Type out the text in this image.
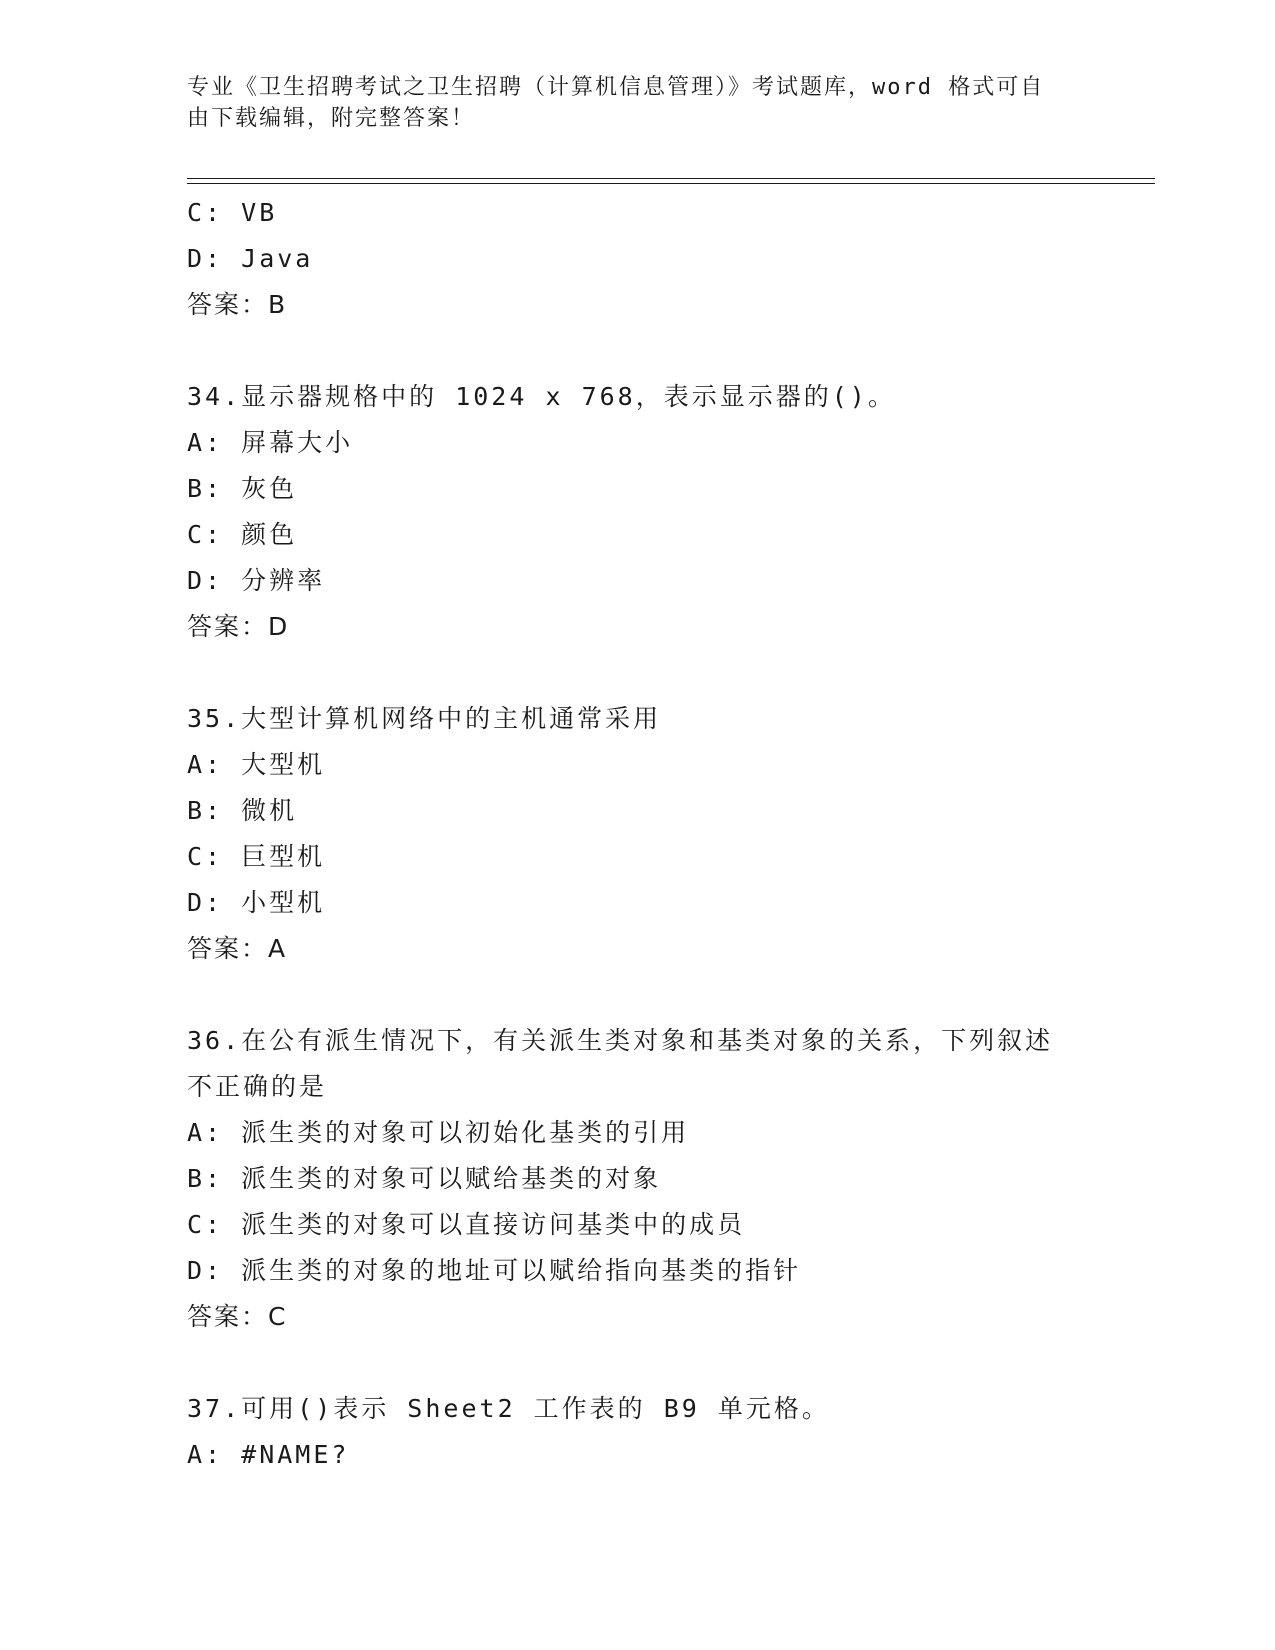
专业《卫生招聘考试之卫生招聘（计算机信息管理）》考试题库，word 格式可自
由下载编辑，附完整答案！
C: VB
D: Java
答案：B
34.显示器规格中的 1024 x 768，表示显示器的()。
A: 屏幕大小
B: 灰色
C: 颜色
D: 分辨率
答案：D
35.大型计算机网络中的主机通常采用
A: 大型机
B: 微机
C: 巨型机
D: 小型机
答案：A
36.在公有派生情况下，有关派生类对象和基类对象的关系，下列叙述
不正确的是
A: 派生类的对象可以初始化基类的引用
B: 派生类的对象可以赋给基类的对象
C: 派生类的对象可以直接访问基类中的成员
D: 派生类的对象的地址可以赋给指向基类的指针
答案：C
37.可用()表示 Sheet2 工作表的 B9 单元格。
A: #NAME?
